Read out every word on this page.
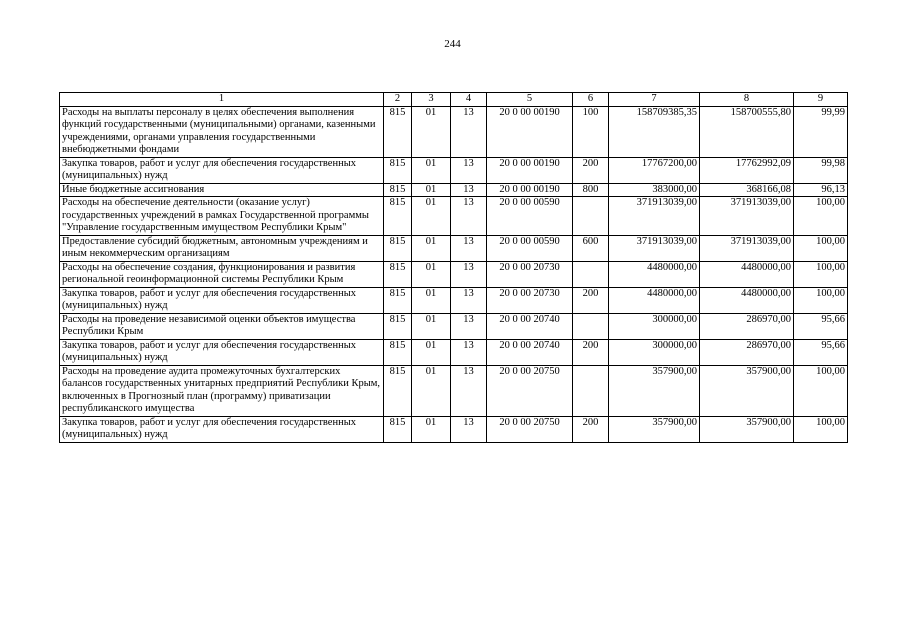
244
1	2	3	4	5	6	7	8	9
Расходы на выплаты персоналу в целях обеспечения выполнения функций государственными (муниципальными) органами, казенными учреждениями, органами управления государственными внебюджетными фондами	815	01	13	20 0 00 00190	100	158709385,35	158700555,80	99,99
Закупка товаров, работ и услуг для обеспечения государственных (муниципальных) нужд	815	01	13	20 0 00 00190	200	17767200,00	17762992,09	99,98
Иные бюджетные ассигнования	815	01	13	20 0 00 00190	800	383000,00	368166,08	96,13
Расходы на обеспечение деятельности (оказание услуг) государственных учреждений в рамках Государственной программы "Управление государственным имуществом Республики Крым"	815	01	13	20 0 00 00590		371913039,00	371913039,00	100,00
Предоставление субсидий бюджетным, автономным учреждениям и иным некоммерческим организациям	815	01	13	20 0 00 00590	600	371913039,00	371913039,00	100,00
Расходы на обеспечение создания, функционирования и развития региональной геоинформационной системы Республики Крым	815	01	13	20 0 00 20730		4480000,00	4480000,00	100,00
Закупка товаров, работ и услуг для обеспечения государственных (муниципальных) нужд	815	01	13	20 0 00 20730	200	4480000,00	4480000,00	100,00
Расходы на проведение независимой оценки объектов имущества Республики Крым	815	01	13	20 0 00 20740		300000,00	286970,00	95,66
Закупка товаров, работ и услуг для обеспечения государственных (муниципальных) нужд	815	01	13	20 0 00 20740	200	300000,00	286970,00	95,66
Расходы на проведение аудита промежуточных бухгалтерских балансов государственных унитарных предприятий Республики Крым, включенных в Прогнозный план (программу) приватизации республиканского имущества	815	01	13	20 0 00 20750		357900,00	357900,00	100,00
Закупка товаров, работ и услуг для обеспечения государственных (муниципальных) нужд	815	01	13	20 0 00 20750	200	357900,00	357900,00	100,00
